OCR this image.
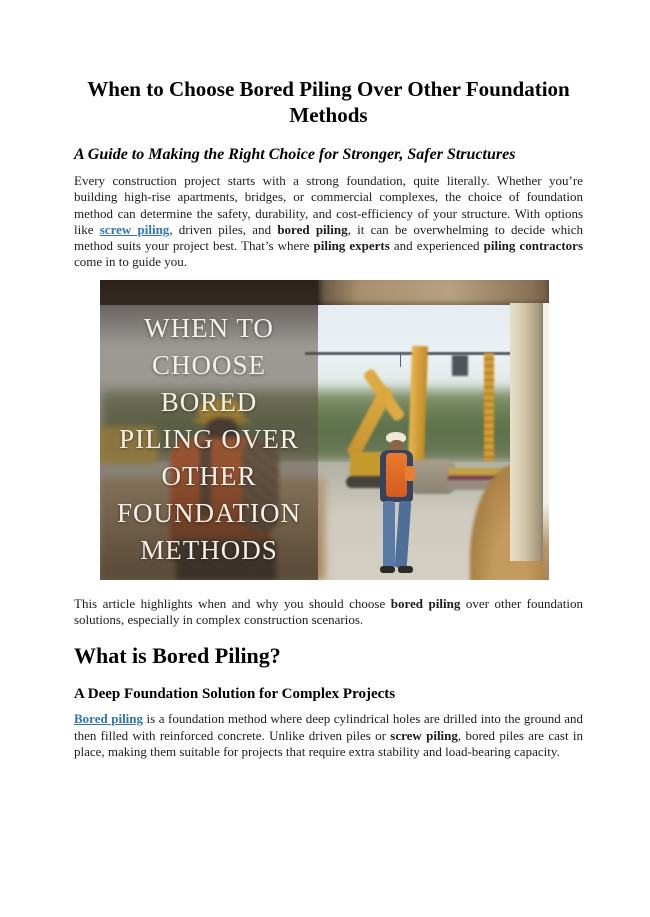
When to Choose Bored Piling Over Other Foundation
Methods
A Guide to Making the Right Choice for Stronger, Safer Structures

Every construction project starts with a strong foundation, quite literally. Whether you’re building high-rise apartments, bridges, or commercial complexes, the choice of foundation method can determine the safety, durability, and cost-efficiency of your structure. With options like screw piling, driven piles, and bored piling, it can be overwhelming to decide which method suits your project best. That’s where piling experts and experienced piling contractors come in to guide you.

WHEN TO
CHOOSE
BORED
PILING OVER
OTHER
FOUNDATION
METHODS

This article highlights when and why you should choose bored piling over other foundation solutions, especially in complex construction scenarios.

What is Bored Piling?
A Deep Foundation Solution for Complex Projects

Bored piling is a foundation method where deep cylindrical holes are drilled into the ground and then filled with reinforced concrete. Unlike driven piles or screw piling, bored piles are cast in place, making them suitable for projects that require extra stability and load-bearing capacity.
